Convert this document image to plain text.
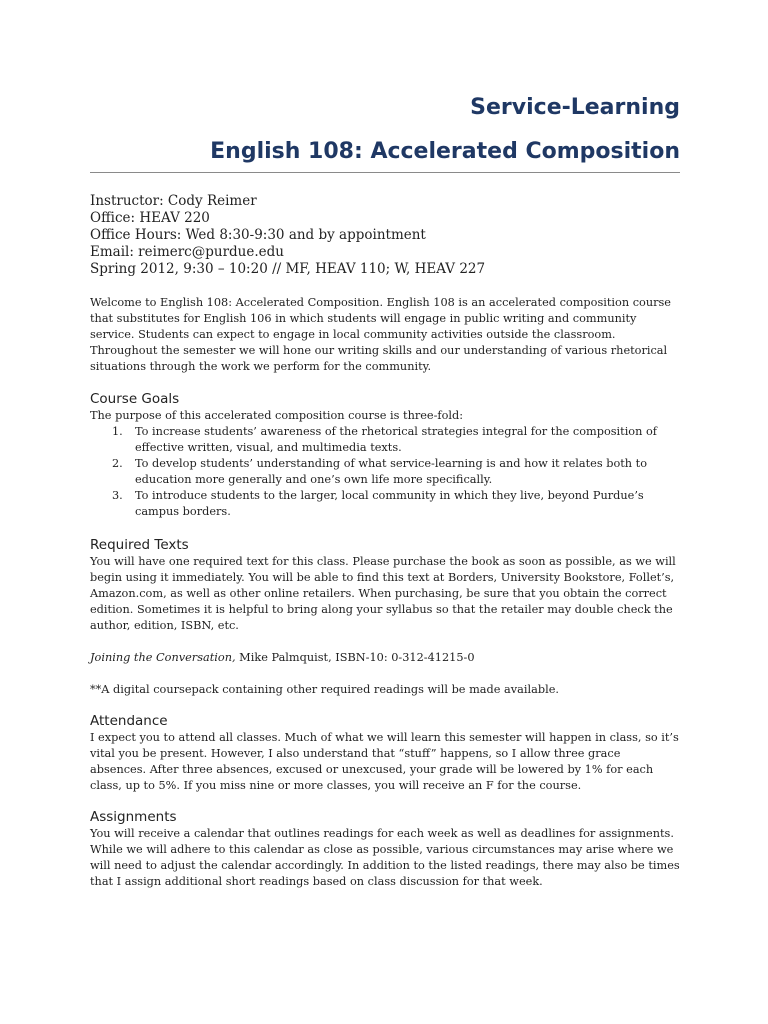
Service-Learning
English 108: Accelerated Composition
Instructor: Cody Reimer
Office: HEAV 220
Office Hours: Wed 8:30-9:30 and by appointment
Email: reimerc@purdue.edu
Spring 2012, 9:30 – 10:20 // MF, HEAV 110; W, HEAV 227

Welcome to English 108: Accelerated Composition. English 108 is an accelerated composition course that substitutes for English 106 in which students will engage in public writing and community service. Students can expect to engage in local community activities outside the classroom. Throughout the semester we will hone our writing skills and our understanding of various rhetorical situations through the work we perform for the community.

Course Goals

The purpose of this accelerated composition course is three-fold:

1. To increase students’ awareness of the rhetorical strategies integral for the composition of effective written, visual, and multimedia texts.
2. To develop students’ understanding of what service-learning is and how it relates both to education more generally and one’s own life more specifically.
3. To introduce students to the larger, local community in which they live, beyond Purdue’s campus borders.
Required Texts

You will have one required text for this class. Please purchase the book as soon as possible, as we will begin using it immediately. You will be able to find this text at Borders, University Bookstore, Follet’s, Amazon.com, as well as other online retailers. When purchasing, be sure that you obtain the correct edition. Sometimes it is helpful to bring along your syllabus so that the retailer may double check the author, edition, ISBN, etc.

Joining the Conversation, Mike Palmquist, ISBN-10: 0-312-41215-0

**A digital coursepack containing other required readings will be made available.

Attendance

I expect you to attend all classes. Much of what we will learn this semester will happen in class, so it’s vital you be present. However, I also understand that “stuff” happens, so I allow three grace absences. After three absences, excused or unexcused, your grade will be lowered by 1% for each class, up to 5%. If you miss nine or more classes, you will receive an F for the course.

Assignments

You will receive a calendar that outlines readings for each week as well as deadlines for assignments. While we will adhere to this calendar as close as possible, various circumstances may arise where we will need to adjust the calendar accordingly. In addition to the listed readings, there may also be times that I assign additional short readings based on class discussion for that week.
